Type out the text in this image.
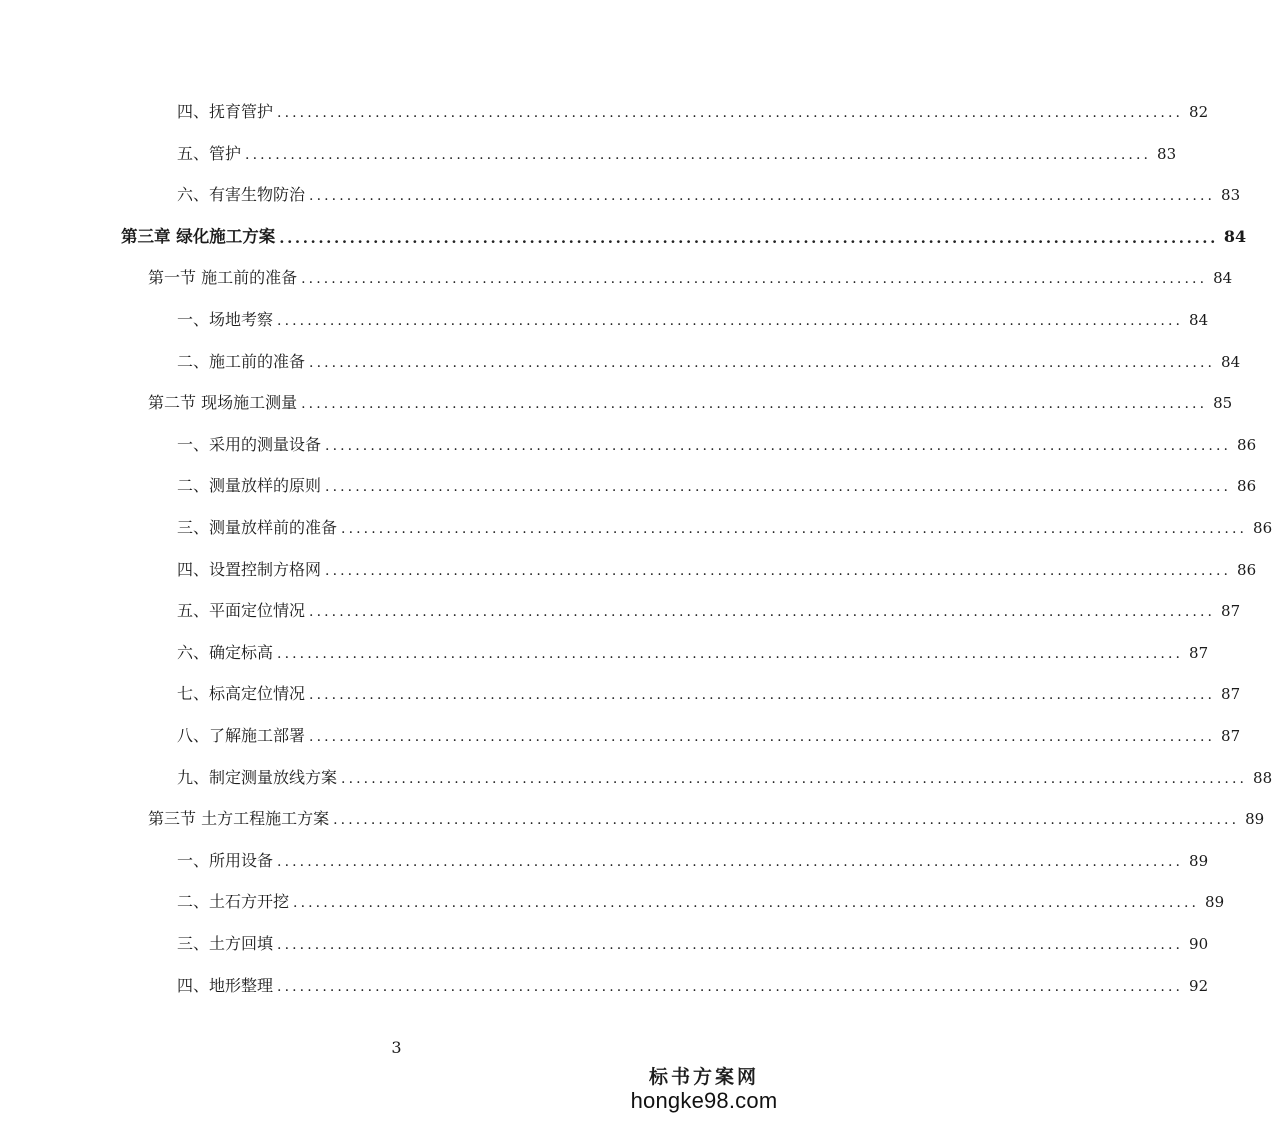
四、抚育管护 ........................................................................................................................ 82
五、管护 ........................................................................................................................ 83
六、有害生物防治 ........................................................................................................................ 83
第三章 绿化施工方案 ........................................................................................................................ 84
第一节 施工前的准备 ........................................................................................................................ 84
一、场地考察 ........................................................................................................................ 84
二、施工前的准备 ........................................................................................................................ 84
第二节 现场施工测量 ........................................................................................................................ 85
一、采用的测量设备 ........................................................................................................................ 86
二、测量放样的原则 ........................................................................................................................ 86
三、测量放样前的准备 ........................................................................................................................ 86
四、设置控制方格网 ........................................................................................................................ 86
五、平面定位情况 ........................................................................................................................ 87
六、确定标高 ........................................................................................................................ 87
七、标高定位情况 ........................................................................................................................ 87
八、了解施工部署 ........................................................................................................................ 87
九、制定测量放线方案 ........................................................................................................................ 88
第三节 土方工程施工方案 ........................................................................................................................ 89
一、所用设备 ........................................................................................................................ 89
二、土石方开挖 ........................................................................................................................ 89
三、土方回填 ........................................................................................................................ 90
四、地形整理 ........................................................................................................................ 92
3
标书方案网
hongke98.com
